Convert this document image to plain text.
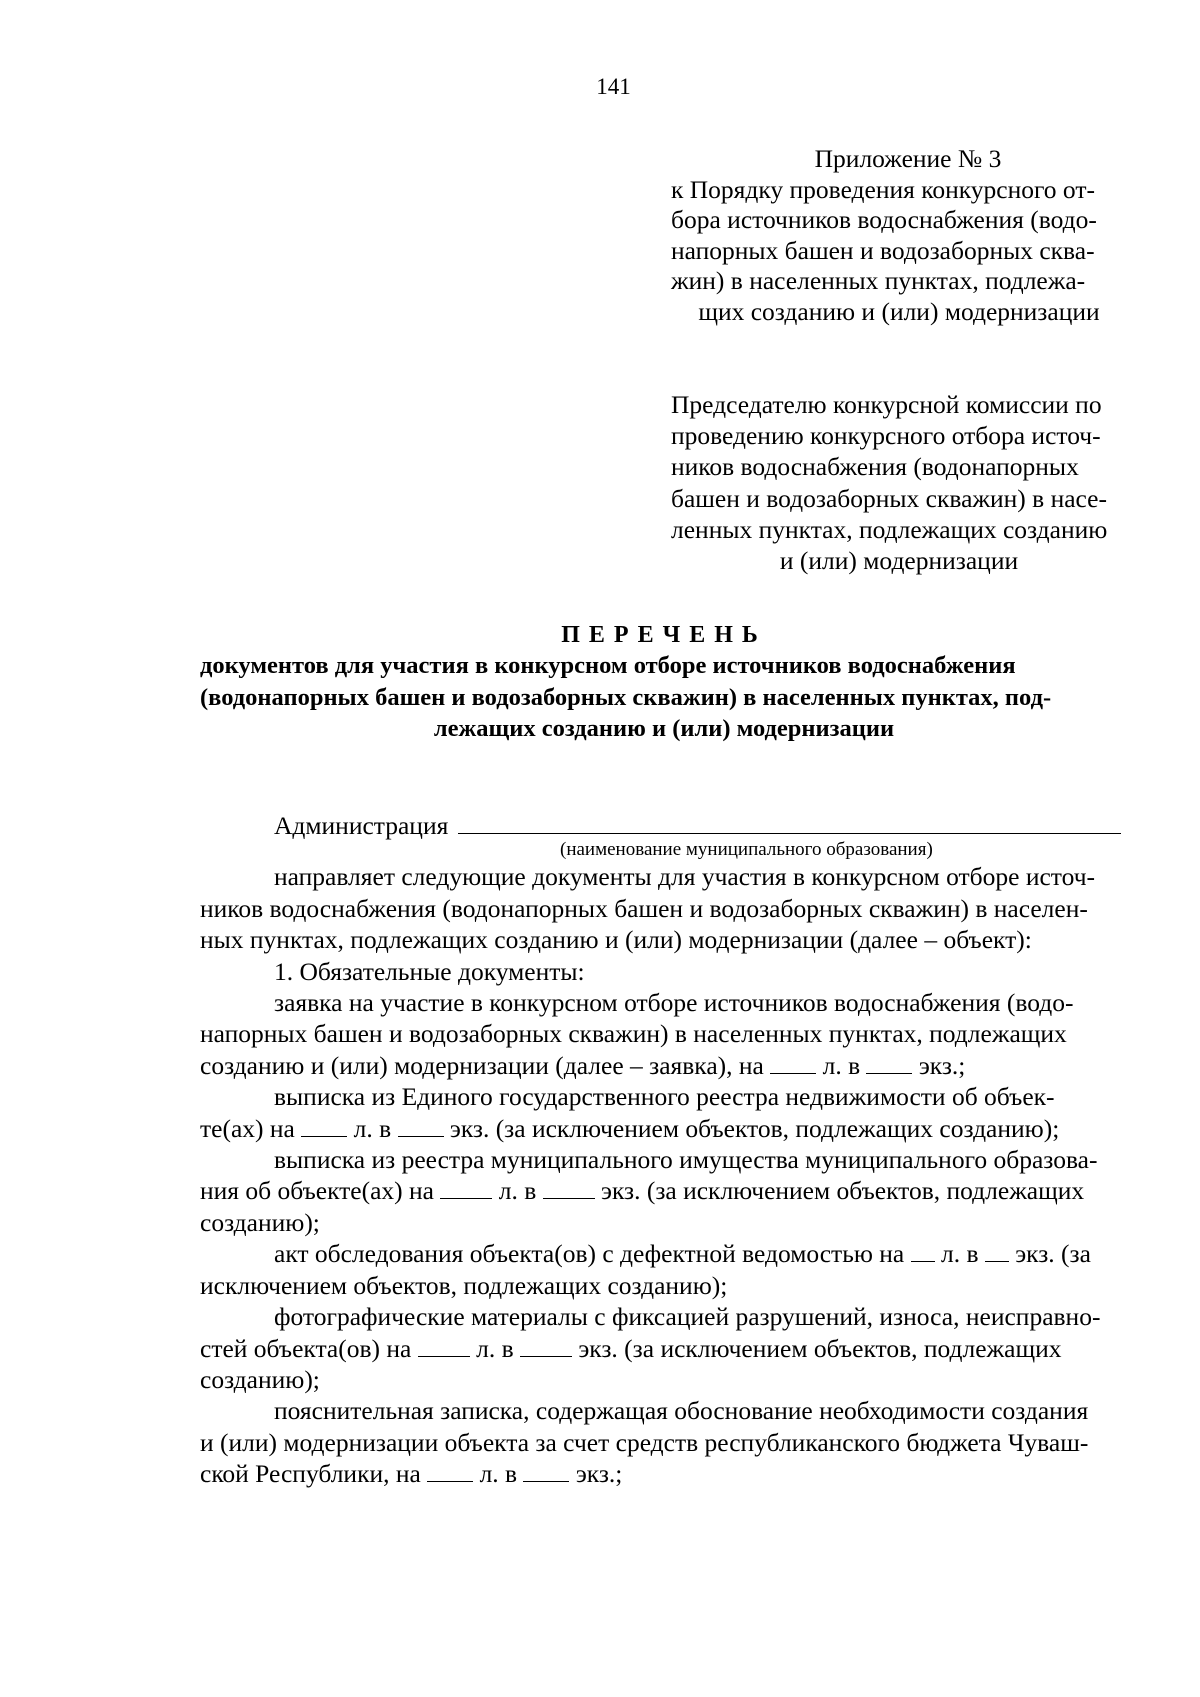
141
Приложение № 3
к Порядку проведения конкурсного от-
бора источников водоснабжения (водо-
напорных башен и водозаборных сква-
жин) в населенных пунктах, подлежа-
щих созданию и (или) модернизации
Председателю конкурсной комиссии по
проведению конкурсного отбора источ-
ников водоснабжения (водонапорных
башен и водозаборных скважин) в насе-
ленных пунктах, подлежащих созданию
и (или) модернизации
ПЕРЕЧЕНЬ
документов для участия в конкурсном отборе источников водоснабжения
(водонапорных башен и водозаборных скважин) в населенных пунктах, под-
лежащих созданию и (или) модернизации
Администрация
(наименование муниципального образования)
направляет следующие документы для участия в конкурсном отборе источ-
ников водоснабжения (водонапорных башен и водозаборных скважин) в населен-
ных пунктах, подлежащих созданию и (или) модернизации (далее – объект):
1. Обязательные документы:
заявка на участие в конкурсном отборе источников водоснабжения (водо-
напорных башен и водозаборных скважин) в населенных пунктах, подлежащих
созданию и (или) модернизации (далее – заявка), на л. в экз.;
выписка из Единого государственного реестра недвижимости об объек-
те(ах) на л. в экз. (за исключением объектов, подлежащих созданию);
выписка из реестра муниципального имущества муниципального образова-
ния об объекте(ах) на	л. в	экз. (за исключением объектов, подлежащих
созданию);
акт обследования объекта(ов) с дефектной ведомостью на л. в экз. (за
исключением объектов, подлежащих созданию);
фотографические материалы с фиксацией разрушений, износа, неисправно-
стей объекта(ов) на	л. в	экз. (за исключением объектов, подлежащих
созданию);
пояснительная записка, содержащая обоснование необходимости создания
и (или) модернизации объекта за счет средств республиканского бюджета Чуваш-
ской Республики, на л. в экз.;
